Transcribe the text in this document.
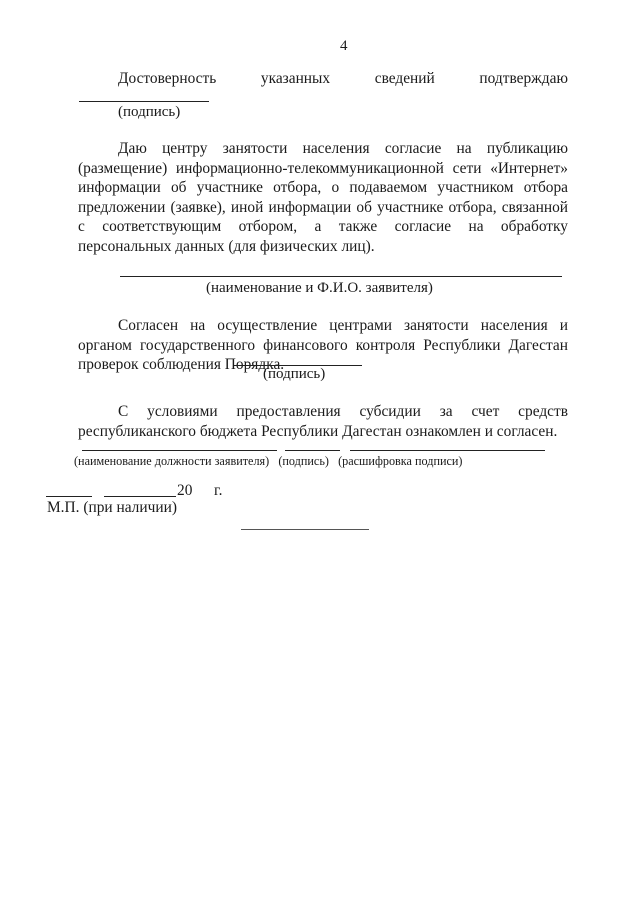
4
Достоверность	указанных	сведений	подтверждаю
(подпись)

Даю центру занятости населения согласие на публикацию (размещение) информационно-телекоммуникационной сети «Интернет» информации об участнике отбора, о подаваемом участником отбора предложении (заявке), иной информации об участнике отбора, связанной с соответствующим отбором, а также согласие на обработку персональных данных (для физических лиц).

(наименование и Ф.И.О. заявителя)

Согласен на осуществление центрами занятости населения и органом государственного финансового контроля Республики Дагестан проверок соблюдения Порядка.

(подпись)

С условиями предоставления субсидии за счет средств республиканского бюджета Республики Дагестан ознакомлен и согласен.

(наименование должности заявителя)   (подпись)   (расшифровка подписи)
20 г.
М.П. (при наличии)
